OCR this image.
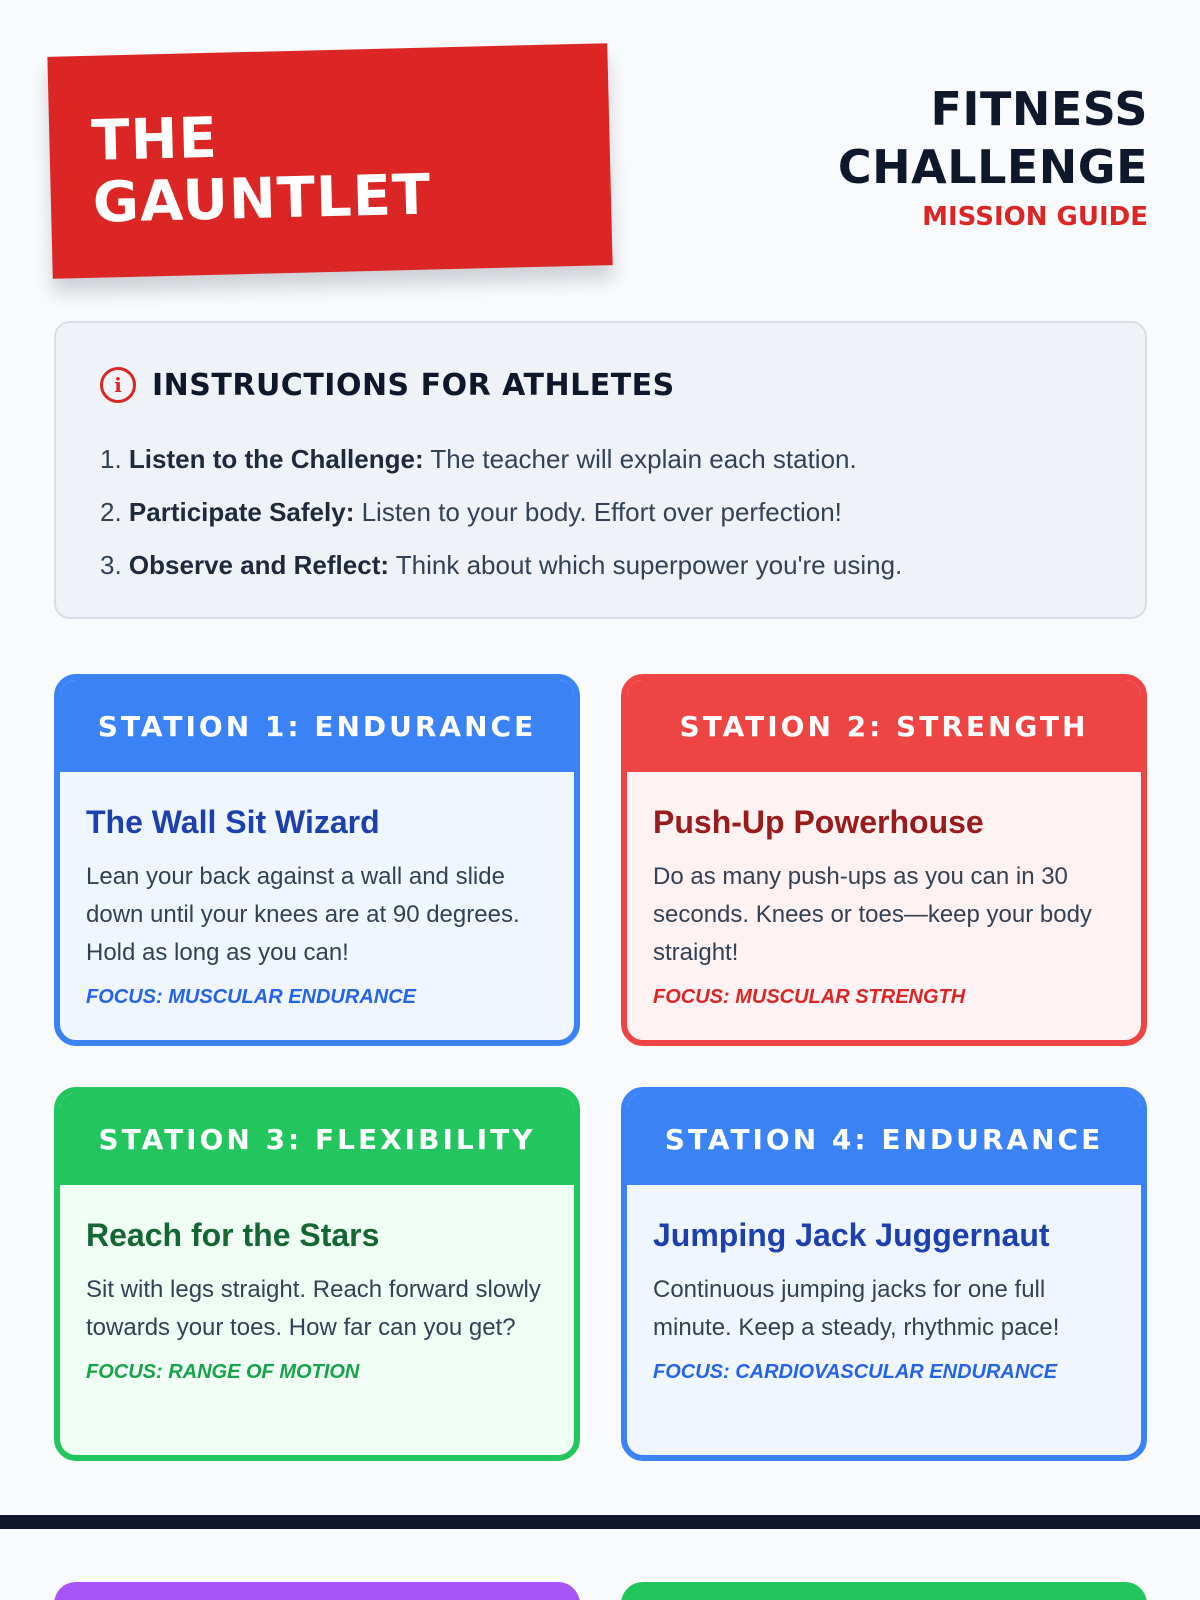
THE
GAUNTLET
FITNESS
CHALLENGE
MISSION GUIDE
i	INSTRUCTIONS FOR ATHLETES
1. Listen to the Challenge: The teacher will explain each station.
2. Participate Safely: Listen to your body. Effort over perfection!
3. Observe and Reflect: Think about which superpower you're using.
STATION 1: ENDURANCE
The Wall Sit Wizard
Lean your back against a wall and slide down until your knees are at 90 degrees. Hold as long as you can!
FOCUS: MUSCULAR ENDURANCE
STATION 2: STRENGTH
Push-Up Powerhouse
Do as many push-ups as you can in 30 seconds. Knees or toes—keep your body straight!
FOCUS: MUSCULAR STRENGTH
STATION 3: FLEXIBILITY
Reach for the Stars
Sit with legs straight. Reach forward slowly towards your toes. How far can you get?
FOCUS: RANGE OF MOTION
STATION 4: ENDURANCE
Jumping Jack Juggernaut
Continuous jumping jacks for one full minute. Keep a steady, rhythmic pace!
FOCUS: CARDIOVASCULAR ENDURANCE
